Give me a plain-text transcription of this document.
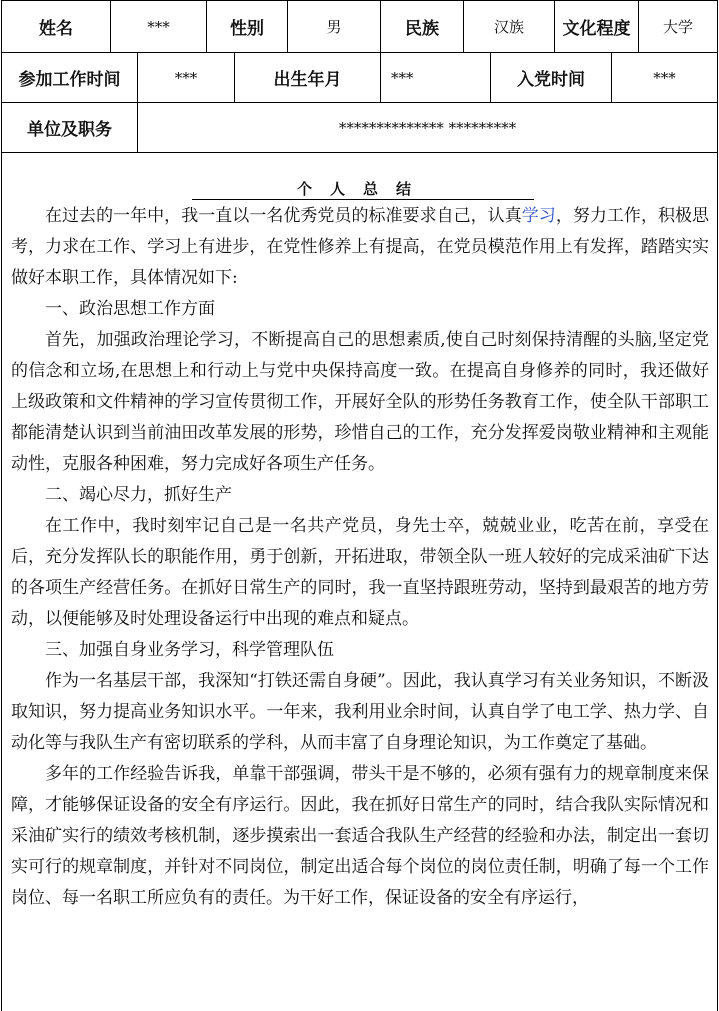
姓名	***	性别	男	民族	汉族	文化程度	大学
参加工作时间	***	出生年月	***	入党时间	***
单位及职务	************** *********
个人总结

在过去的一年中，我一直以一名优秀党员的标准要求自己，认真学习，努力工作，积极思考，力求在工作、学习上有进步，在党性修养上有提高，在党员模范作用上有发挥，踏踏实实做好本职工作，具体情况如下:

一、政治思想工作方面

首先，加强政治理论学习，不断提高自己的思想素质,使自己时刻保持清醒的头脑,坚定党的信念和立场,在思想上和行动上与党中央保持高度一致。在提高自身修养的同时，我还做好上级政策和文件精神的学习宣传贯彻工作，开展好全队的形势任务教育工作，使全队干部职工都能清楚认识到当前油田改革发展的形势，珍惜自己的工作，充分发挥爱岗敬业精神和主观能动性，克服各种困难，努力完成好各项生产任务。

二、竭心尽力，抓好生产

在工作中，我时刻牢记自己是一名共产党员，身先士卒，兢兢业业，吃苦在前，享受在后，充分发挥队长的职能作用，勇于创新，开拓进取，带领全队一班人较好的完成采油矿下达的各项生产经营任务。在抓好日常生产的同时，我一直坚持跟班劳动，坚持到最艰苦的地方劳动，以便能够及时处理设备运行中出现的难点和疑点。

三、加强自身业务学习，科学管理队伍

作为一名基层干部，我深知“打铁还需自身硬”。因此，我认真学习有关业务知识，不断汲取知识，努力提高业务知识水平。一年来，我利用业余时间，认真自学了电工学、热力学、自动化等与我队生产有密切联系的学科，从而丰富了自身理论知识，为工作奠定了基础。

多年的工作经验告诉我，单靠干部强调，带头干是不够的，必须有强有力的规章制度来保障，才能够保证设备的安全有序运行。因此，我在抓好日常生产的同时，结合我队实际情况和采油矿实行的绩效考核机制，逐步摸索出一套适合我队生产经营的经验和办法，制定出一套切实可行的规章制度，并针对不同岗位，制定出适合每个岗位的岗位责任制，明确了每一个工作岗位、每一名职工所应负有的责任。为干好工作，保证设备的安全有序运行，
